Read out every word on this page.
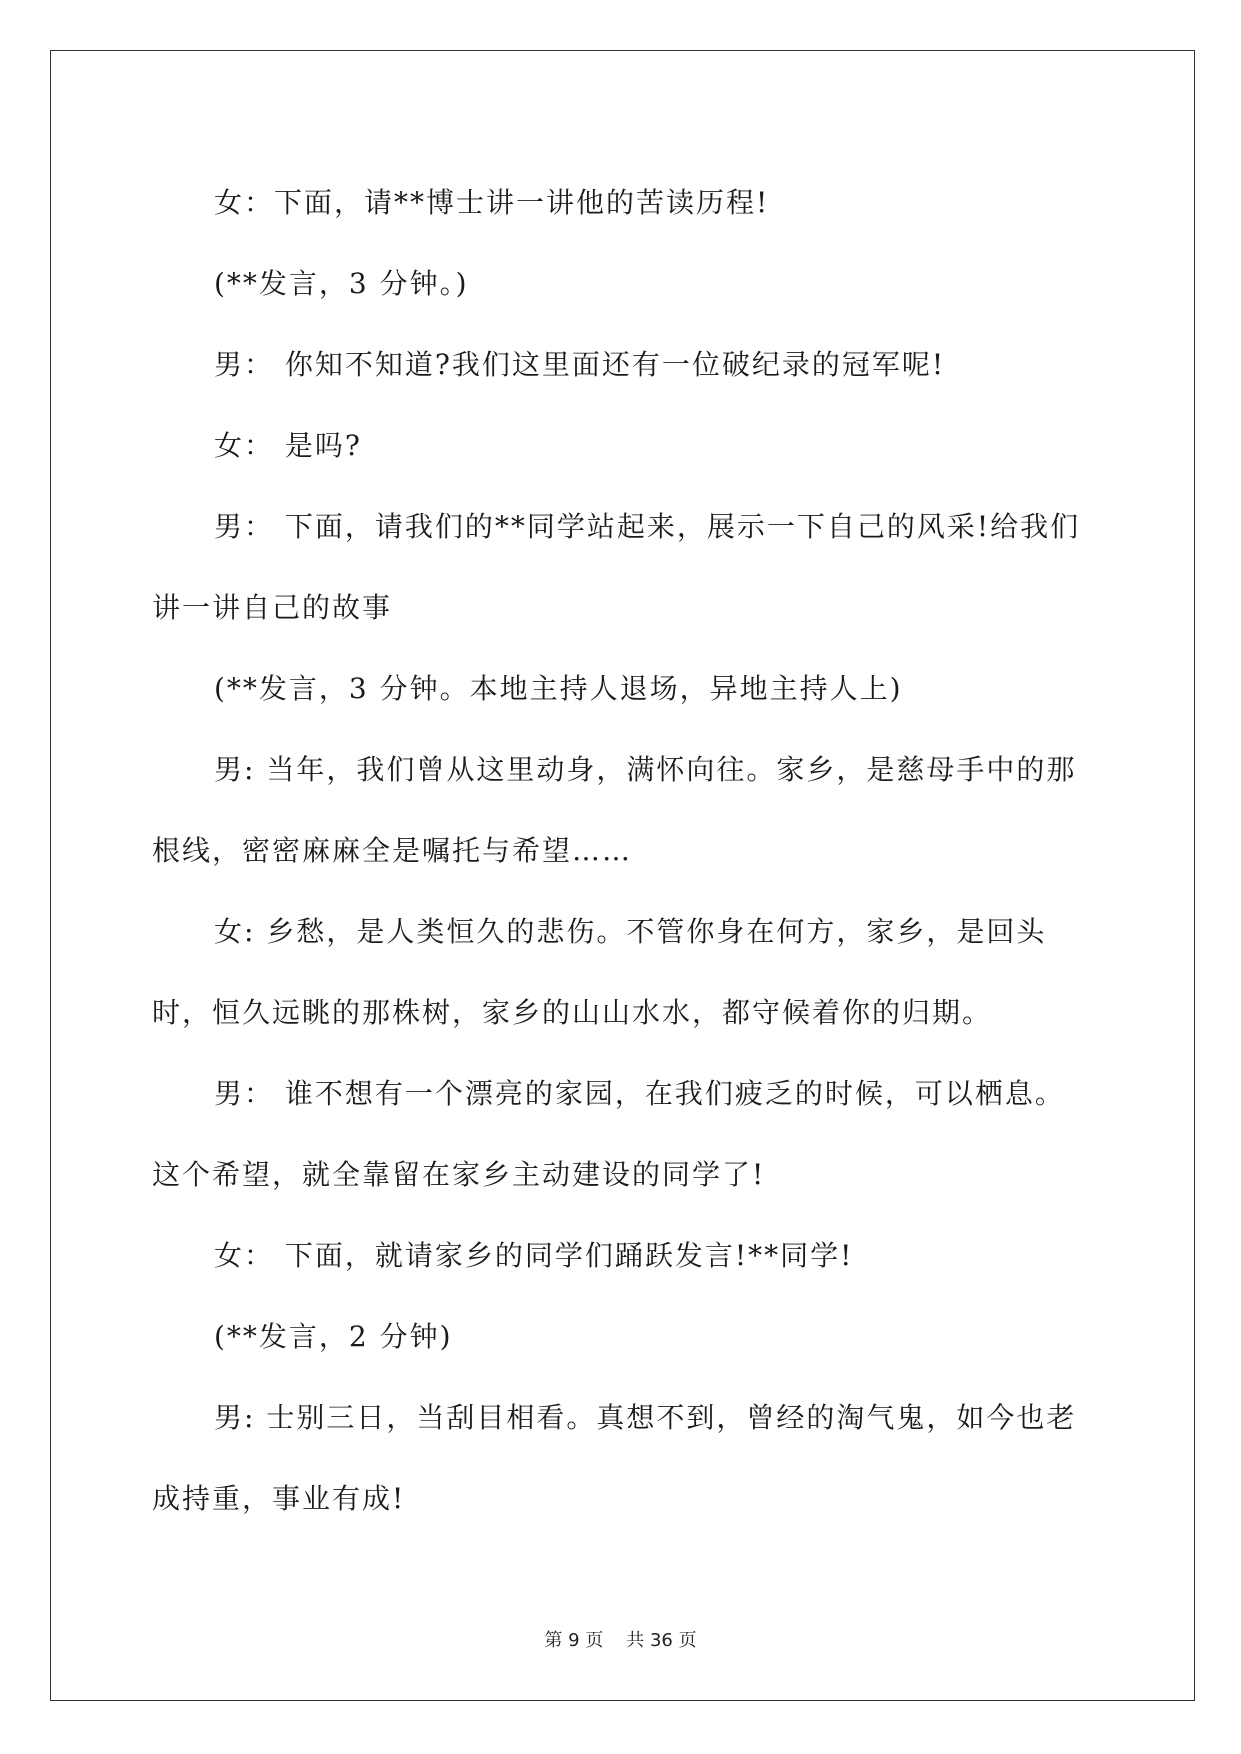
女：下面，请**博士讲一讲他的苦读历程!

(**发言，3 分钟。)

男： 你知不知道?我们这里面还有一位破纪录的冠军呢!

女： 是吗?

男： 下面，请我们的**同学站起来，展示一下自己的风采!给我们讲一讲自己的故事

(**发言，3 分钟。本地主持人退场，异地主持人上)

男: 当年，我们曾从这里动身，满怀向往。家乡，是慈母手中的那根线，密密麻麻全是嘱托与希望……

女: 乡愁，是人类恒久的悲伤。不管你身在何方，家乡，是回头时，恒久远眺的那株树，家乡的山山水水，都守候着你的归期。

男： 谁不想有一个漂亮的家园，在我们疲乏的时候，可以栖息。这个希望，就全靠留在家乡主动建设的同学了!

女： 下面，就请家乡的同学们踊跃发言!**同学!

(**发言，2 分钟)

男: 士别三日，当刮目相看。真想不到，曾经的淘气鬼，如今也老成持重，事业有成!

第 9 页 共 36 页
